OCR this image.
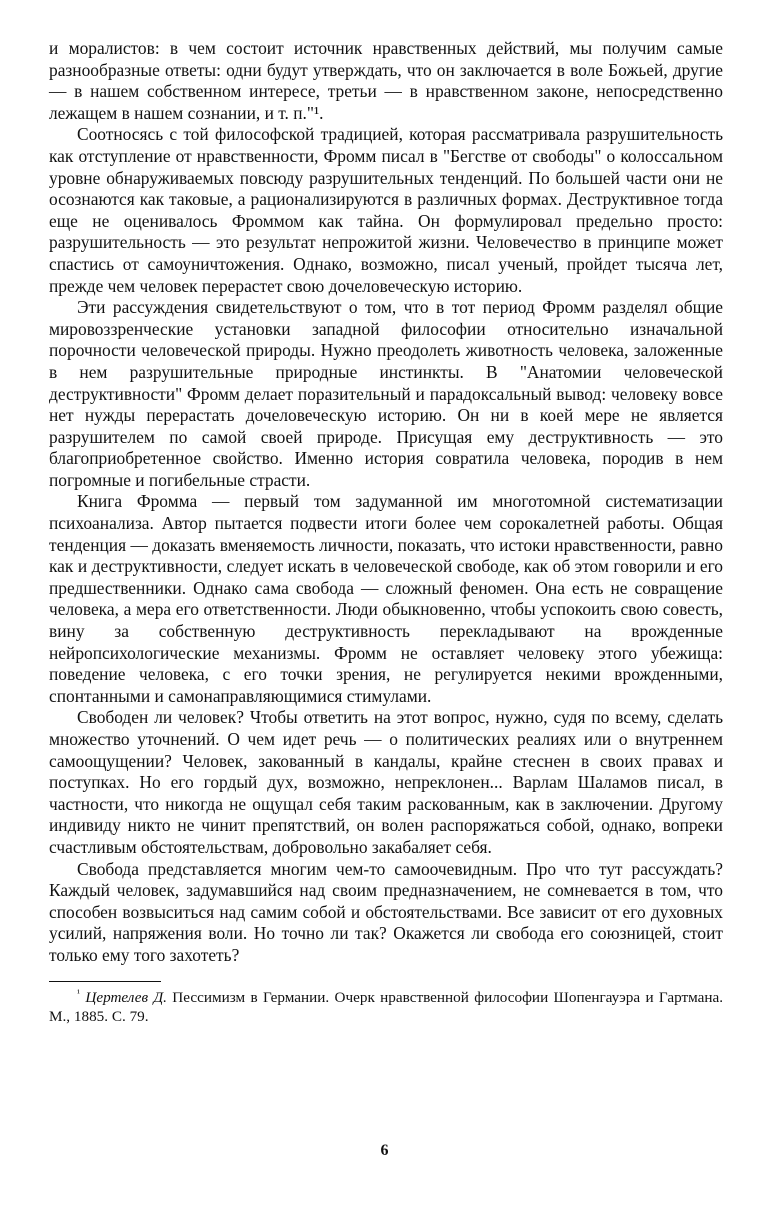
и моралистов: в чем состоит источник нравственных действий, мы получим самые разнообразные ответы: одни будут утверждать, что он заключается в воле Божьей, другие — в нашем собственном интересе, третьи — в нравственном законе, непосредственно лежащем в нашем сознании, и т. п."¹.

Соотносясь с той философской традицией, которая рассматривала разрушительность как отступление от нравственности, Фромм писал в "Бегстве от свободы" о колоссальном уровне обнаруживаемых повсюду разрушительных тенденций. По большей части они не осознаются как таковые, а рационализируются в различных формах. Деструктивное тогда еще не оценивалось Фроммом как тайна. Он формулировал предельно просто: разрушительность — это результат непрожитой жизни. Человечество в принципе может спастись от самоуничтожения. Однако, возможно, писал ученый, пройдет тысяча лет, прежде чем человек перерастет свою дочеловеческую историю.

Эти рассуждения свидетельствуют о том, что в тот период Фромм разделял общие мировоззренческие установки западной философии относительно изначальной порочности человеческой природы. Нужно преодолеть животность человека, заложенные в нем разрушительные природные инстинкты. В "Анатомии человеческой деструктивности" Фромм делает поразительный и парадоксальный вывод: человеку вовсе нет нужды перерастать дочеловеческую историю. Он ни в коей мере не является разрушителем по самой своей природе. Присущая ему деструктивность — это благоприобретенное свойство. Именно история совратила человека, породив в нем погромные и погибельные страсти.

Книга Фромма — первый том задуманной им многотомной систематизации психоанализа. Автор пытается подвести итоги более чем сорокалетней работы. Общая тенденция — доказать вменяемость личности, показать, что истоки нравственности, равно как и деструктивности, следует искать в человеческой свободе, как об этом говорили и его предшественники. Однако сама свобода — сложный феномен. Она есть не совращение человека, а мера его ответственности. Люди обыкновенно, чтобы успокоить свою совесть, вину за собственную деструктивность перекладывают на врожденные нейропсихологические механизмы. Фромм не оставляет человеку этого убежища: поведение человека, с его точки зрения, не регулируется некими врожденными, спонтанными и самонаправляющимися стимулами.

Свободен ли человек? Чтобы ответить на этот вопрос, нужно, судя по всему, сделать множество уточнений. О чем идет речь — о политических реалиях или о внутреннем самоощущении? Человек, закованный в кандалы, крайне стеснен в своих правах и поступках. Но его гордый дух, возможно, непреклонен... Варлам Шаламов писал, в частности, что никогда не ощущал себя таким раскованным, как в заключении. Другому индивиду никто не чинит препятствий, он волен распоряжаться собой, однако, вопреки счастливым обстоятельствам, добровольно закабаляет себя.

Свобода представляется многим чем-то самоочевидным. Про что тут рассуждать? Каждый человек, задумавшийся над своим предназначением, не сомневается в том, что способен возвыситься над самим собой и обстоятельствами. Все зависит от его духовных усилий, напряжения воли. Но точно ли так? Окажется ли свобода его союзницей, стоит только ему того захотеть?

$^{^1}$ Цертелев Д. Пессимизм в Германии. Очерк нравственной философии Шопенгауэра и Гартмана. М., 1885. С. 79.

6
